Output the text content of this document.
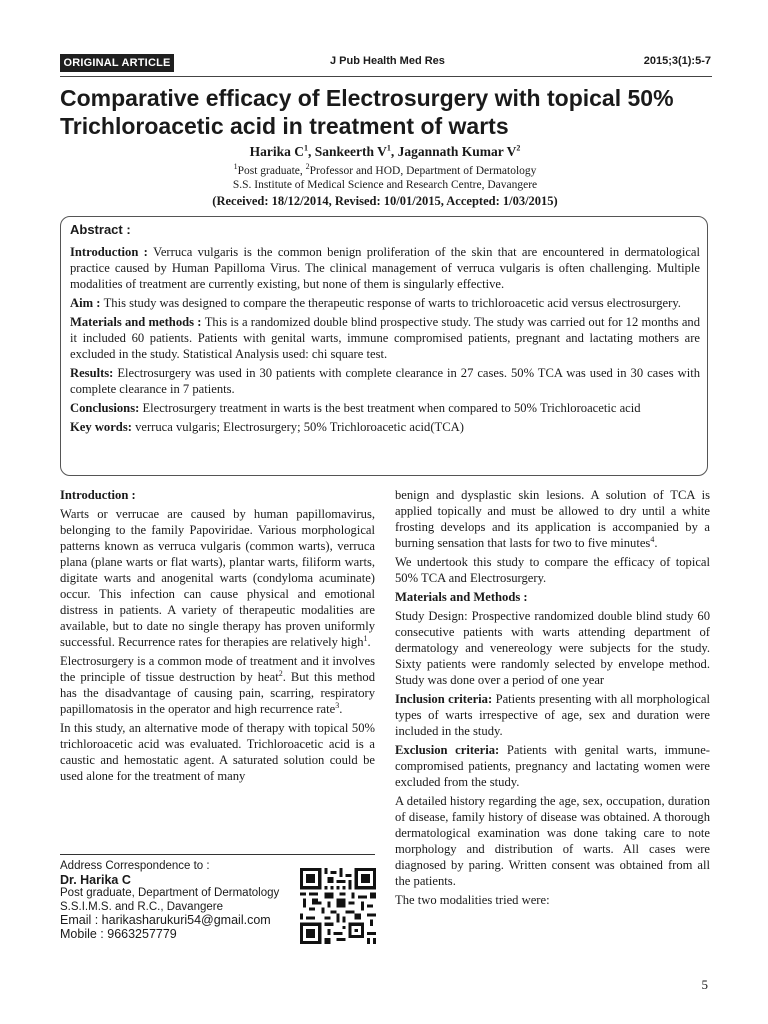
ORIGINAL ARTICLE	J Pub Health Med Res	2015;3(1):5-7
Comparative efficacy of Electrosurgery with topical 50%
Trichloroacetic acid in treatment of warts
Harika $C^1$, Sankeerth $V^1$, Jagannath Kumar $V^2$
$^1$Post graduate, $^2$Professor and HOD, Department of Dermatology
S.S. Institute of Medical Science and Research Centre, Davangere
(Received: 18/12/2014, Revised: 10/01/2015, Accepted: 1/03/2015)
Abstract :

Introduction : Verruca vulgaris is the common benign proliferation of the skin that are encountered in dermatological practice caused by Human Papilloma Virus. The clinical management of verruca vulgaris is often challenging. Multiple modalities of treatment are currently existing, but none of them is singularly effective.

Aim : This study was designed to compare the therapeutic response of warts to trichloroacetic acid versus electrosurgery.

Materials and methods : This is a randomized double blind prospective study. The study was carried out for 12 months and it included 60 patients. Patients with genital warts, immune compromised patients, pregnant and lactating mothers are excluded in the study. Statistical Analysis used: chi square test.

Results: Electrosurgery was used in 30 patients with complete clearance in 27 cases. 50% TCA was used in 30 cases with complete clearance in 7 patients.

Conclusions: Electrosurgery treatment in warts is the best treatment when compared to 50% Trichloroacetic acid

Key words: verruca vulgaris; Electrosurgery; 50% Trichloroacetic acid(TCA)

Introduction :

Warts or verrucae are caused by human papillomavirus, belonging to the family Papoviridae. Various morphological patterns known as verruca vulgaris (common warts), verruca plana (plane warts or flat warts), plantar warts, filiform warts, digitate warts and anogenital warts (condyloma acuminate) occur. This infection can cause physical and emotional distress in patients. A variety of therapeutic modalities are available, but to date no single therapy has proven uniformly successful. Recurrence rates for therapies are relatively high$^1$.

Electrosurgery is a common mode of treatment and it involves the principle of tissue destruction by heat$^2$. But this method has the disadvantage of causing pain, scarring, respiratory papillomatosis in the operator and high recurrence rate$^3$.

In this study, an alternative mode of therapy with topical 50% trichloroacetic acid was evaluated. Trichloroacetic acid is a caustic and hemostatic agent. A saturated solution could be used alone for the treatment of many

Address Correspondence to :
Dr. Harika C
Post graduate, Department of Dermatology
S.S.I.M.S. and R.C., Davangere
Email : harikasharukuri54@gmail.com
Mobile : 9663257779

benign and dysplastic skin lesions. A solution of TCA is applied topically and must be allowed to dry until a white frosting develops and its application is accompanied by a burning sensation that lasts for two to five minutes$^4$.

We undertook this study to compare the efficacy of topical 50% TCA and Electrosurgery.

Materials and Methods :

Study Design: Prospective randomized double blind study 60 consecutive patients with warts attending department of dermatology and venereology were subjects for the study. Sixty patients were randomly selected by envelope method. Study was done over a period of one year

Inclusion criteria: Patients presenting with all morphological types of warts irrespective of age, sex and duration were included in the study.

Exclusion criteria: Patients with genital warts, immune-compromised patients, pregnancy and lactating women were excluded from the study.

A detailed history regarding the age, sex, occupation, duration of disease, family history of disease was obtained. A thorough dermatological examination was done taking care to note morphology and distribution of warts. All cases were diagnosed by paring. Written consent was obtained from all the patients.

The two modalities tried were:

5
